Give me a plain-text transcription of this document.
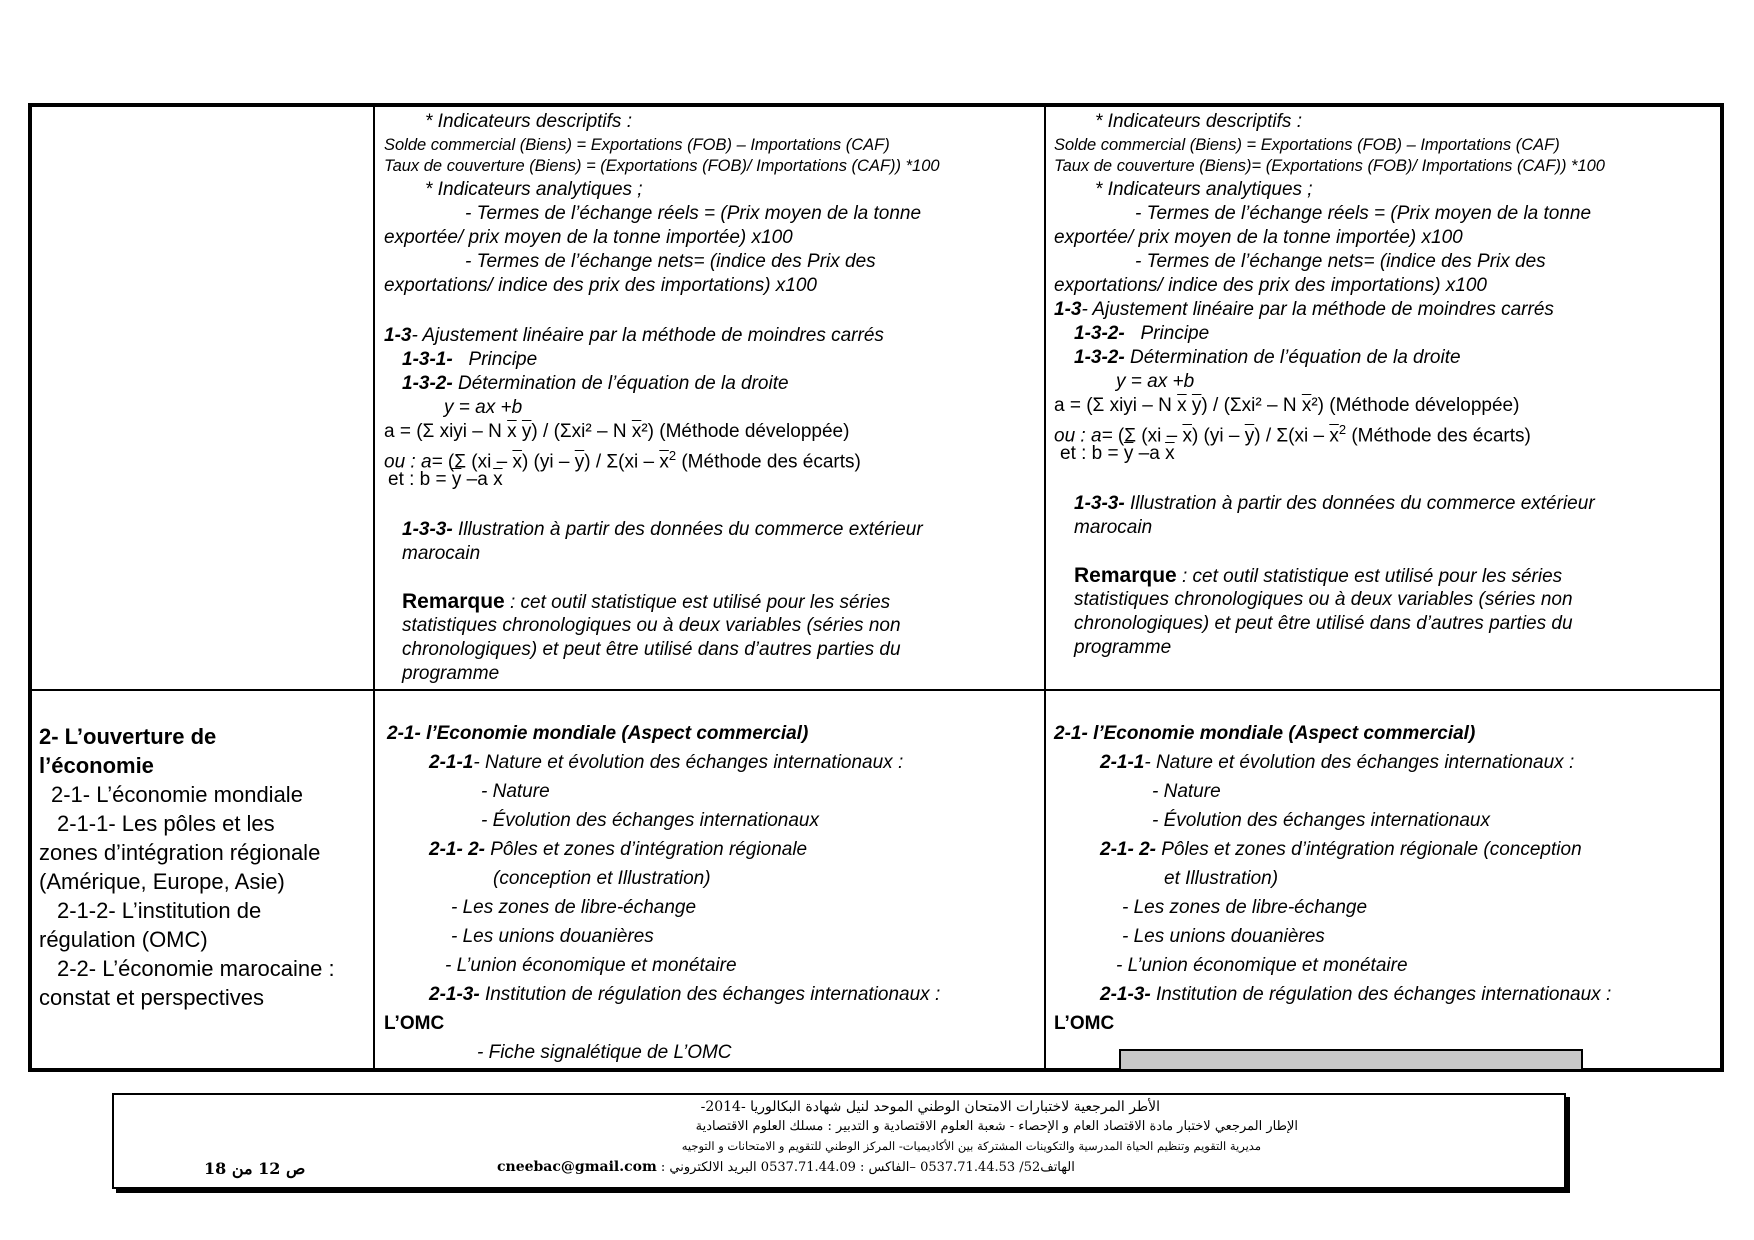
* Indicateurs descriptifs :
Solde commercial (Biens) = Exportations (FOB) – Importations (CAF)
Taux de couverture (Biens) = (Exportations (FOB)/ Importations (CAF)) *100
* Indicateurs analytiques ;
- Termes de l’échange réels = (Prix moyen de la tonne
exportée/ prix moyen de la tonne importée) x100
- Termes de l’échange nets= (indice des Prix des
exportations/ indice des prix des importations) x100
1-3- Ajustement linéaire par la méthode de moindres carrés
1-3-1- Principe
1-3-2- Détermination de l’équation de la droite
y = ax +b
a = (Σ xiyi – N $\overline{x}$ $\overline{y}) / (\Sigma xi^2$ – N $\overline{x}^2$) (Méthode développée)
ou : a= (Σ $(xi - \overline{x})$ $(yi - \overline{y}) / \Sigma(xi - \overline{x}^2$ (Méthode des écarts)
et : $b = \overline{y}$ –a $\overline{x}$
1-3-3- Illustration à partir des données du commerce extérieur
marocain
Remarque : cet outil statistique est utilisé pour les séries
statistiques chronologiques ou à deux variables (séries non
chronologiques) et peut être utilisé dans d’autres parties du
programme
* Indicateurs descriptifs :
Solde commercial (Biens) = Exportations (FOB) – Importations (CAF)
Taux de couverture (Biens)= (Exportations (FOB)/ Importations (CAF)) *100
* Indicateurs analytiques ;
- Termes de l’échange réels = (Prix moyen de la tonne
exportée/ prix moyen de la tonne importée) x100
- Termes de l’échange nets= (indice des Prix des
exportations/ indice des prix des importations) x100
1-3- Ajustement linéaire par la méthode de moindres carrés
1-3-2- Principe
1-3-2- Détermination de l’équation de la droite
y = ax +b
a = (Σ xiyi – N $\overline{x}$ $\overline{y}) / (\Sigma xi^2$ – N $\overline{x}^2$) (Méthode développée)
ou : a= (Σ $(xi - \overline{x})$ $(yi - \overline{y}) / \Sigma(xi - \overline{x}^2$ (Méthode des écarts)
et : $b = \overline{y}$ –a $\overline{x}$
1-3-3- Illustration à partir des données du commerce extérieur
marocain
Remarque : cet outil statistique est utilisé pour les séries
statistiques chronologiques ou à deux variables (séries non
chronologiques) et peut être utilisé dans d’autres parties du
programme
2- L’ouverture de
l’économie
2-1- L’économie mondiale
2-1-1- Les pôles et les
zones d’intégration régionale
(Amérique, Europe, Asie)
2-1-2- L’institution de
régulation (OMC)
2-2- L’économie marocaine :
constat et perspectives
2-1- l’Economie mondiale (Aspect commercial)
2-1-1- Nature et évolution des échanges internationaux :
- Nature
- Évolution des échanges internationaux
2-1- 2- Pôles et zones d’intégration régionale
(conception et Illustration)
- Les zones de libre-échange
- Les unions douanières
- L’union économique et monétaire
2-1-3- Institution de régulation des échanges internationaux :
L’OMC
- Fiche signalétique de L’OMC
2-1- l’Economie mondiale (Aspect commercial)
2-1-1- Nature et évolution des échanges internationaux :
- Nature
- Évolution des échanges internationaux
2-1- 2- Pôles et zones d’intégration régionale (conception
et Illustration)
- Les zones de libre-échange
- Les unions douanières
- L’union économique et monétaire
2-1-3- Institution de régulation des échanges internationaux :
L’OMC
الأطر المرجعية لاختبارات الامتحان الوطني الموحد لنيل شهادة البكالوريا -2014-
الإطار المرجعي لاختبار مادة الاقتصاد العام و الإحصاء - شعبة العلوم الاقتصادية و التدبير : مسلك العلوم الاقتصادية
مديرية التقويم وتنظيم الحياة المدرسية والتكوينات المشتركة بين الأكاديميات- المركز الوطني للتقويم و الامتحانات و التوجيه
cneebac@gmail.com الهاتف52/ 0537.71.44.53 –الفاكس : 0537.71.44.09 البريد الالكتروني :
ص 12 من 18
